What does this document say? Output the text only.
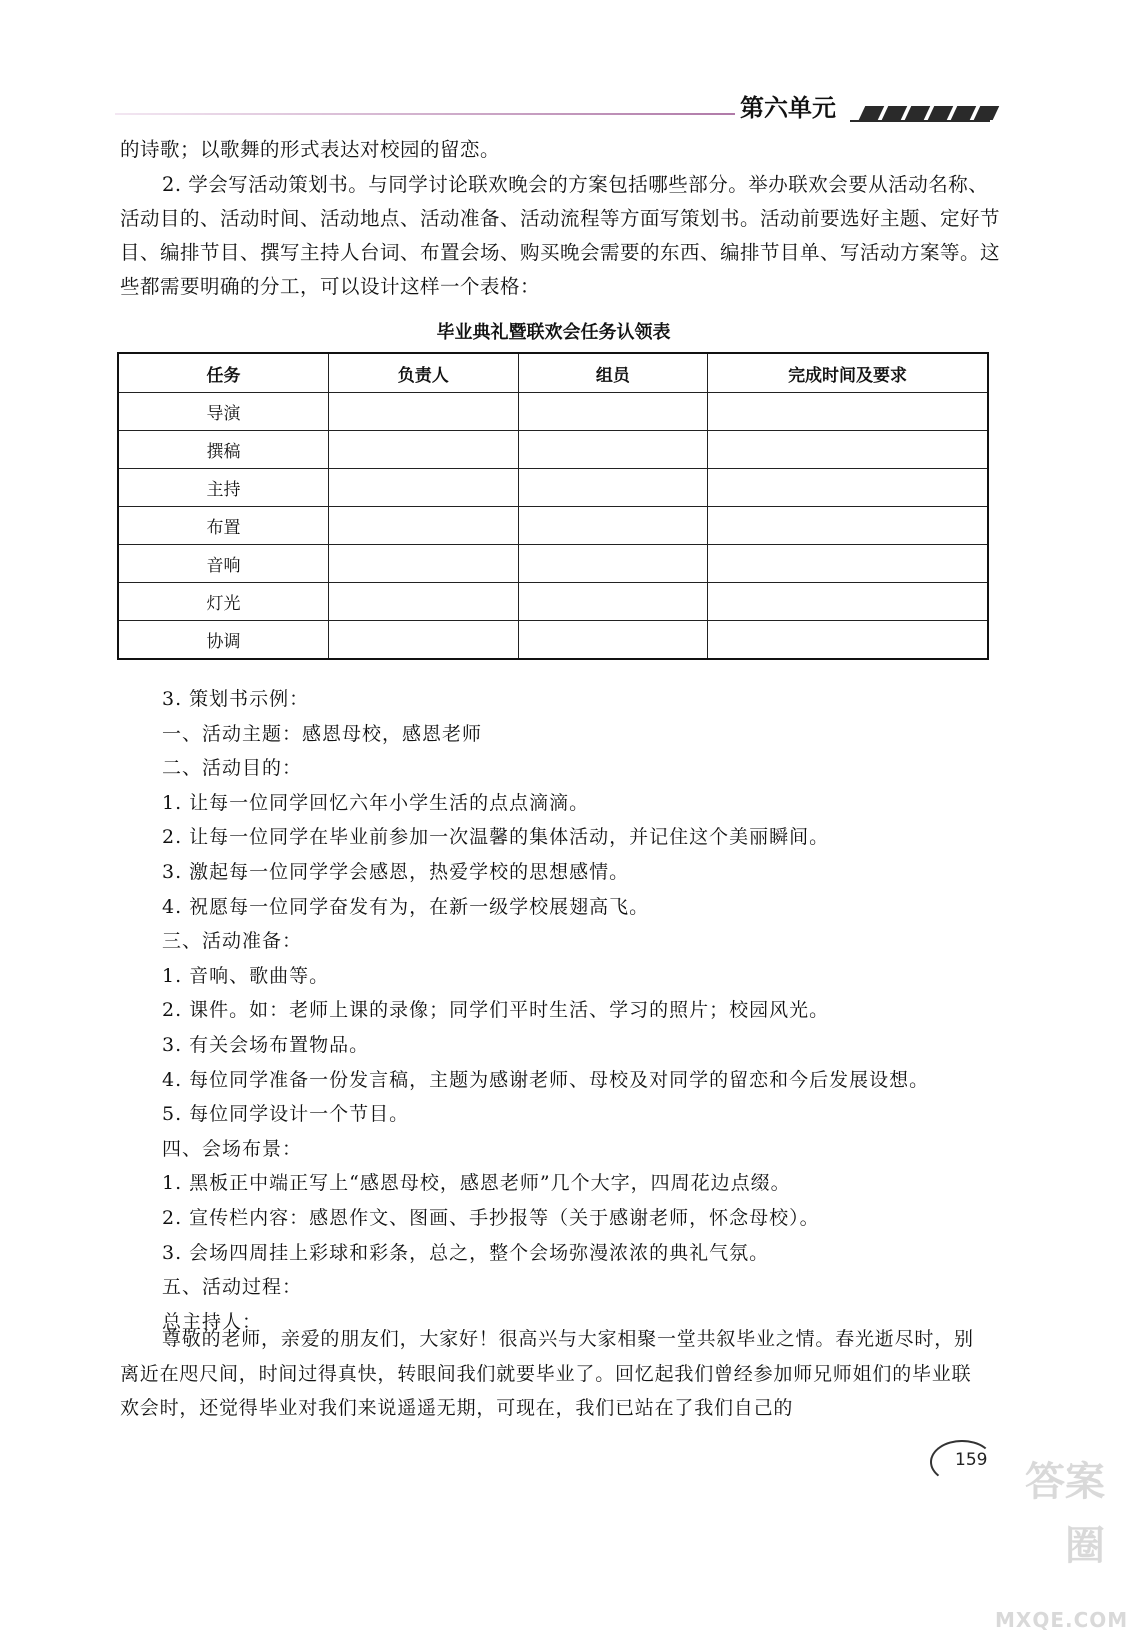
第六单元
的诗歌；以歌舞的形式表达对校园的留恋。
2. 学会写活动策划书。与同学讨论联欢晚会的方案包括哪些部分。举办联欢会要从活动名称、活动目的、活动时间、活动地点、活动准备、活动流程等方面写策划书。活动前要选好主题、定好节目、编排节目、撰写主持人台词、布置会场、购买晚会需要的东西、编排节目单、写活动方案等。这些都需要明确的分工，可以设计这样一个表格：
毕业典礼暨联欢会任务认领表
任务	负责人	组员	完成时间及要求
导演			
撰稿			
主持			
布置			
音响			
灯光			
协调			
3. 策划书示例：
一、活动主题：感恩母校，感恩老师
二、活动目的：
1. 让每一位同学回忆六年小学生活的点点滴滴。
2. 让每一位同学在毕业前参加一次温馨的集体活动，并记住这个美丽瞬间。
3. 激起每一位同学学会感恩，热爱学校的思想感情。
4. 祝愿每一位同学奋发有为，在新一级学校展翅高飞。
三、活动准备：
1. 音响、歌曲等。
2. 课件。如：老师上课的录像；同学们平时生活、学习的照片；校园风光。
3. 有关会场布置物品。
4. 每位同学准备一份发言稿，主题为感谢老师、母校及对同学的留恋和今后发展设想。
5. 每位同学设计一个节目。
四、会场布景：
1. 黑板正中端正写上“感恩母校，感恩老师”几个大字，四周花边点缀。
2. 宣传栏内容：感恩作文、图画、手抄报等（关于感谢老师，怀念母校）。
3. 会场四周挂上彩球和彩条，总之，整个会场弥漫浓浓的典礼气氛。
五、活动过程：
总主持人：
尊敬的老师，亲爱的朋友们，大家好！很高兴与大家相聚一堂共叙毕业之情。春光逝尽时，别离近在咫尺间，时间过得真快，转眼间我们就要毕业了。回忆起我们曾经参加师兄师姐们的毕业联欢会时，还觉得毕业对我们来说遥遥无期，可现在，我们已站在了我们自己的
159 答案圈
MXQE.COM
